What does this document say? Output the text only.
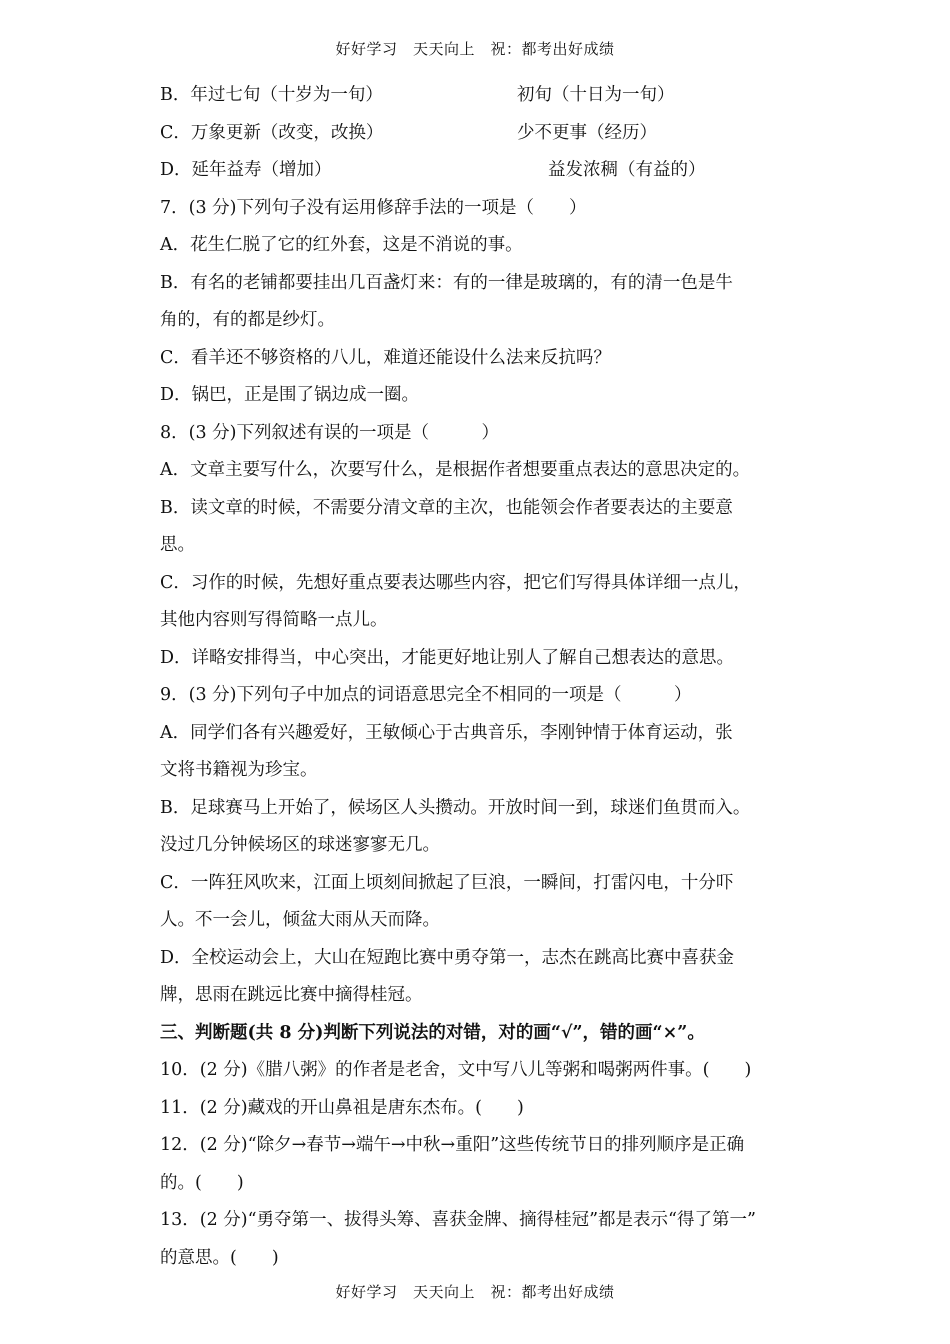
好好学习　天天向上　祝：都考出好成绩
B．年过七旬（十岁为一旬）	初旬（十日为一旬）
C．万象更新（改变，改换）	少不更事（经历）
D．延年益寿（增加）	益发浓稠（有益的）
7．(3 分)下列句子没有运用修辞手法的一项是（　　）
A．花生仁脱了它的红外套，这是不消说的事。
B．有名的老铺都要挂出几百盏灯来：有的一律是玻璃的，有的清一色是牛
角的，有的都是纱灯。
C．看羊还不够资格的八儿，难道还能设什么法来反抗吗？
D．锅巴，正是围了锅边成一圈。
8．(3 分)下列叙述有误的一项是（　　　）
A．文章主要写什么，次要写什么，是根据作者想要重点表达的意思决定的。
B．读文章的时候，不需要分清文章的主次，也能领会作者要表达的主要意
思。
C．习作的时候，先想好重点要表达哪些内容，把它们写得具体详细一点儿，
其他内容则写得简略一点儿。
D．详略安排得当，中心突出，才能更好地让别人了解自己想表达的意思。
9．(3 分)下列句子中加点的词语意思完全不相同的一项是（　　　）
A．同学们各有兴趣爱好，王敏倾心于古典音乐，李刚钟情于体育运动，张
文将书籍视为珍宝。
B．足球赛马上开始了，候场区人头攒动。开放时间一到，球迷们鱼贯而入。
没过几分钟候场区的球迷寥寥无几。
C．一阵狂风吹来，江面上顷刻间掀起了巨浪，一瞬间，打雷闪电，十分吓
人。不一会儿，倾盆大雨从天而降。
D．全校运动会上，大山在短跑比赛中勇夺第一，志杰在跳高比赛中喜获金
牌，思雨在跳远比赛中摘得桂冠。
三、判断题(共 8 分)判断下列说法的对错，对的画“√”，错的画“×”。
10．(2 分)《腊八粥》的作者是老舍，文中写八儿等粥和喝粥两件事。(　　)
11．(2 分)藏戏的开山鼻祖是唐东杰布。(　　)
12．(2 分)“除夕→春节→端午→中秋→重阳”这些传统节日的排列顺序是正确
的。(　　)
13．(2 分)“勇夺第一、拔得头筹、喜获金牌、摘得桂冠”都是表示“得了第一”
的意思。(　　)
好好学习　天天向上　祝：都考出好成绩
